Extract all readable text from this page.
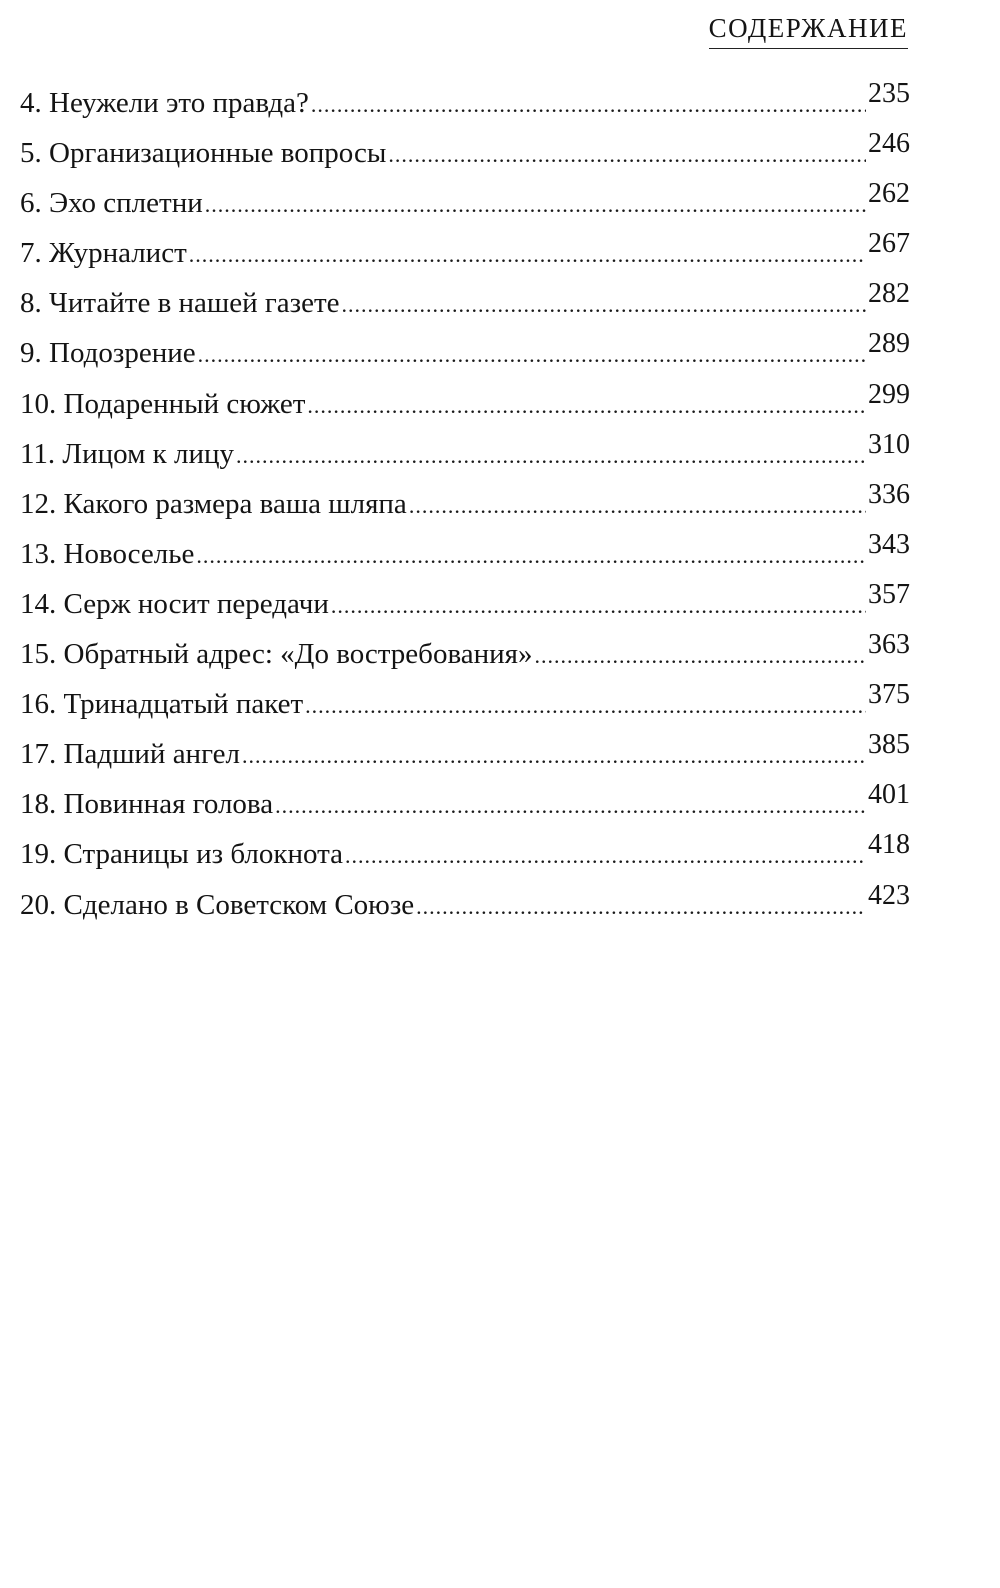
СОДЕРЖАНИЕ
4. Неужели это правда? .....	235
5. Организационные вопросы .....	246
6. Эхо сплетни .....	262
7. Журналист .....	267
8. Читайте в нашей газете .....	282
9. Подозрение .....	289
10. Подаренный сюжет .....	299
11. Лицом к лицу .....	310
12. Какого размера ваша шляпа .....	336
13. Новоселье .....	343
14. Серж носит передачи .....	357
15. Обратный адрес: «До востребования» .....	363
16. Тринадцатый пакет .....	375
17. Падший ангел .....	385
18. Повинная голова .....	401
19. Страницы из блокнота .....	418
20. Сделано в Советском Союзе .....	423
